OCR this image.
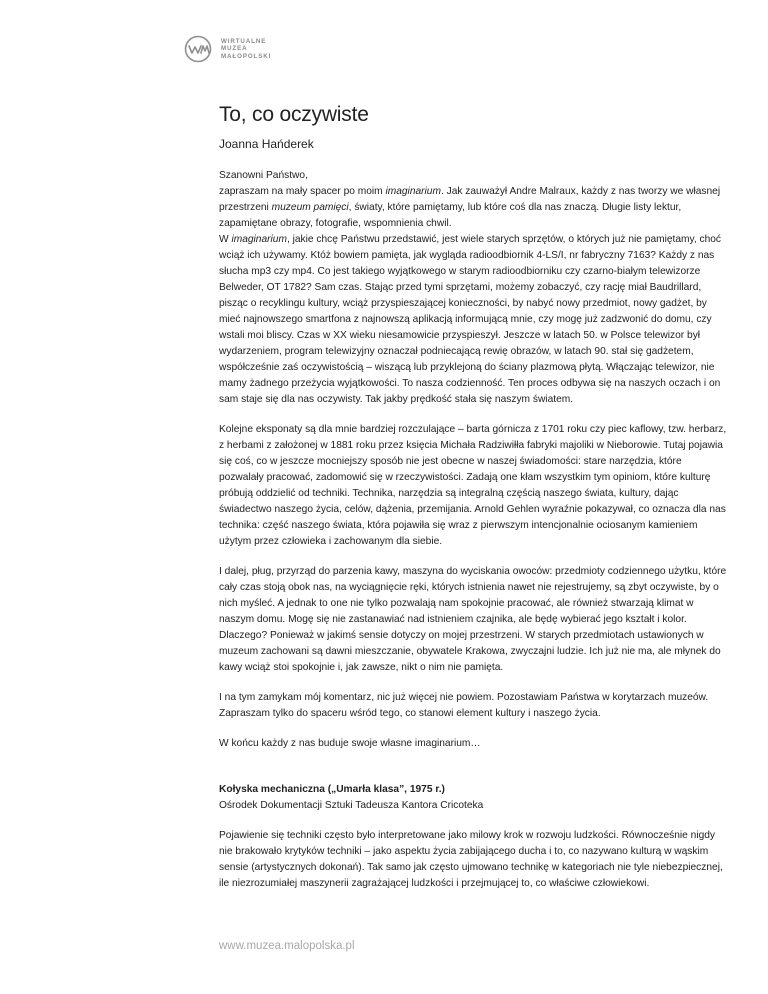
WIRTUALNE
MUZEA
MAŁOPOLSKI
To, co oczywiste
Joanna Hańderek

Szanowni Państwo,

zapraszam na mały spacer po moim imaginarium. Jak zauważył Andre Malraux, każdy z nas tworzy we własnej przestrzeni muzeum pamięci, światy, które pamiętamy, lub które coś dla nas znaczą. Długie listy lektur, zapamiętane obrazy, fotografie, wspomnienia chwil.

W imaginarium, jakie chcę Państwu przedstawić, jest wiele starych sprzętów, o których już nie pamiętamy, choć wciąż ich używamy. Któż bowiem pamięta, jak wygląda radioodbiornik 4-LS/I, nr fabryczny 7163? Każdy z nas słucha mp3 czy mp4. Co jest takiego wyjątkowego w starym radioodbiorniku czy czarno-białym telewizorze Belweder, OT 1782? Sam czas. Stając przed tymi sprzętami, możemy zobaczyć, czy rację miał Baudrillard, pisząc o recyklingu kultury, wciąż przyspieszającej konieczności, by nabyć nowy przedmiot, nowy gadżet, by mieć najnowszego smartfona z najnowszą aplikacją informującą mnie, czy mogę już zadzwonić do domu, czy wstali moi bliscy. Czas w XX wieku niesamowicie przyspieszył. Jeszcze w latach 50. w Polsce telewizor był wydarzeniem, program telewizyjny oznaczał podniecającą rewię obrazów, w latach 90. stał się gadżetem, współcześnie zaś oczywistością – wiszącą lub przyklejoną do ściany plazmową płytą. Włączając telewizor, nie mamy żadnego przeżycia wyjątkowości. To nasza codzienność. Ten proces odbywa się na naszych oczach i on sam staje się dla nas oczywisty. Tak jakby prędkość stała się naszym światem.

Kolejne eksponaty są dla mnie bardziej rozczulające – barta górnicza z 1701 roku czy piec kaflowy, tzw. herbarz, z herbami z założonej w 1881 roku przez księcia Michała Radziwiłła fabryki majoliki w Nieborowie. Tutaj pojawia się coś, co w jeszcze mocniejszy sposób nie jest obecne w naszej świadomości: stare narzędzia, które pozwalały pracować, zadomowić się w rzeczywistości. Zadają one kłam wszystkim tym opiniom, które kulturę próbują oddzielić od techniki. Technika, narzędzia są integralną częścią naszego świata, kultury, dając świadectwo naszego życia, celów, dążenia, przemijania. Arnold Gehlen wyraźnie pokazywał, co oznacza dla nas technika: część naszego świata, która pojawiła się wraz z pierwszym intencjonalnie ociosanym kamieniem użytym przez człowieka i zachowanym dla siebie.

I dalej, pług, przyrząd do parzenia kawy, maszyna do wyciskania owoców: przedmioty codziennego użytku, które cały czas stoją obok nas, na wyciągnięcie ręki, których istnienia nawet nie rejestrujemy, są zbyt oczywiste, by o nich myśleć. A jednak to one nie tylko pozwalają nam spokojnie pracować, ale również stwarzają klimat w naszym domu. Mogę się nie zastanawiać nad istnieniem czajnika, ale będę wybierać jego kształt i kolor. Dlaczego? Ponieważ w jakimś sensie dotyczy on mojej przestrzeni. W starych przedmiotach ustawionych w muzeum zachowani są dawni mieszczanie, obywatele Krakowa, zwyczajni ludzie. Ich już nie ma, ale młynek do kawy wciąż stoi spokojnie i, jak zawsze, nikt o nim nie pamięta.

I na tym zamykam mój komentarz, nic już więcej nie powiem. Pozostawiam Państwa w korytarzach muzeów. Zapraszam tylko do spaceru wśród tego, co stanowi element kultury i naszego życia.

W końcu każdy z nas buduje swoje własne imaginarium…

Kołyska mechaniczna („Umarła klasa”, 1975 r.)

Ośrodek Dokumentacji Sztuki Tadeusza Kantora Cricoteka

Pojawienie się techniki często było interpretowane jako milowy krok w rozwoju ludzkości. Równocześnie nigdy nie brakowało krytyków techniki – jako aspektu życia zabijającego ducha i to, co nazywano kulturą w wąskim sensie (artystycznych dokonań). Tak samo jak często ujmowano technikę w kategoriach nie tyle niebezpiecznej, ile niezrozumiałej maszynerii zagrażającej ludzkości i przejmującej to, co właściwe człowiekowi.

www.muzea.malopolska.pl
